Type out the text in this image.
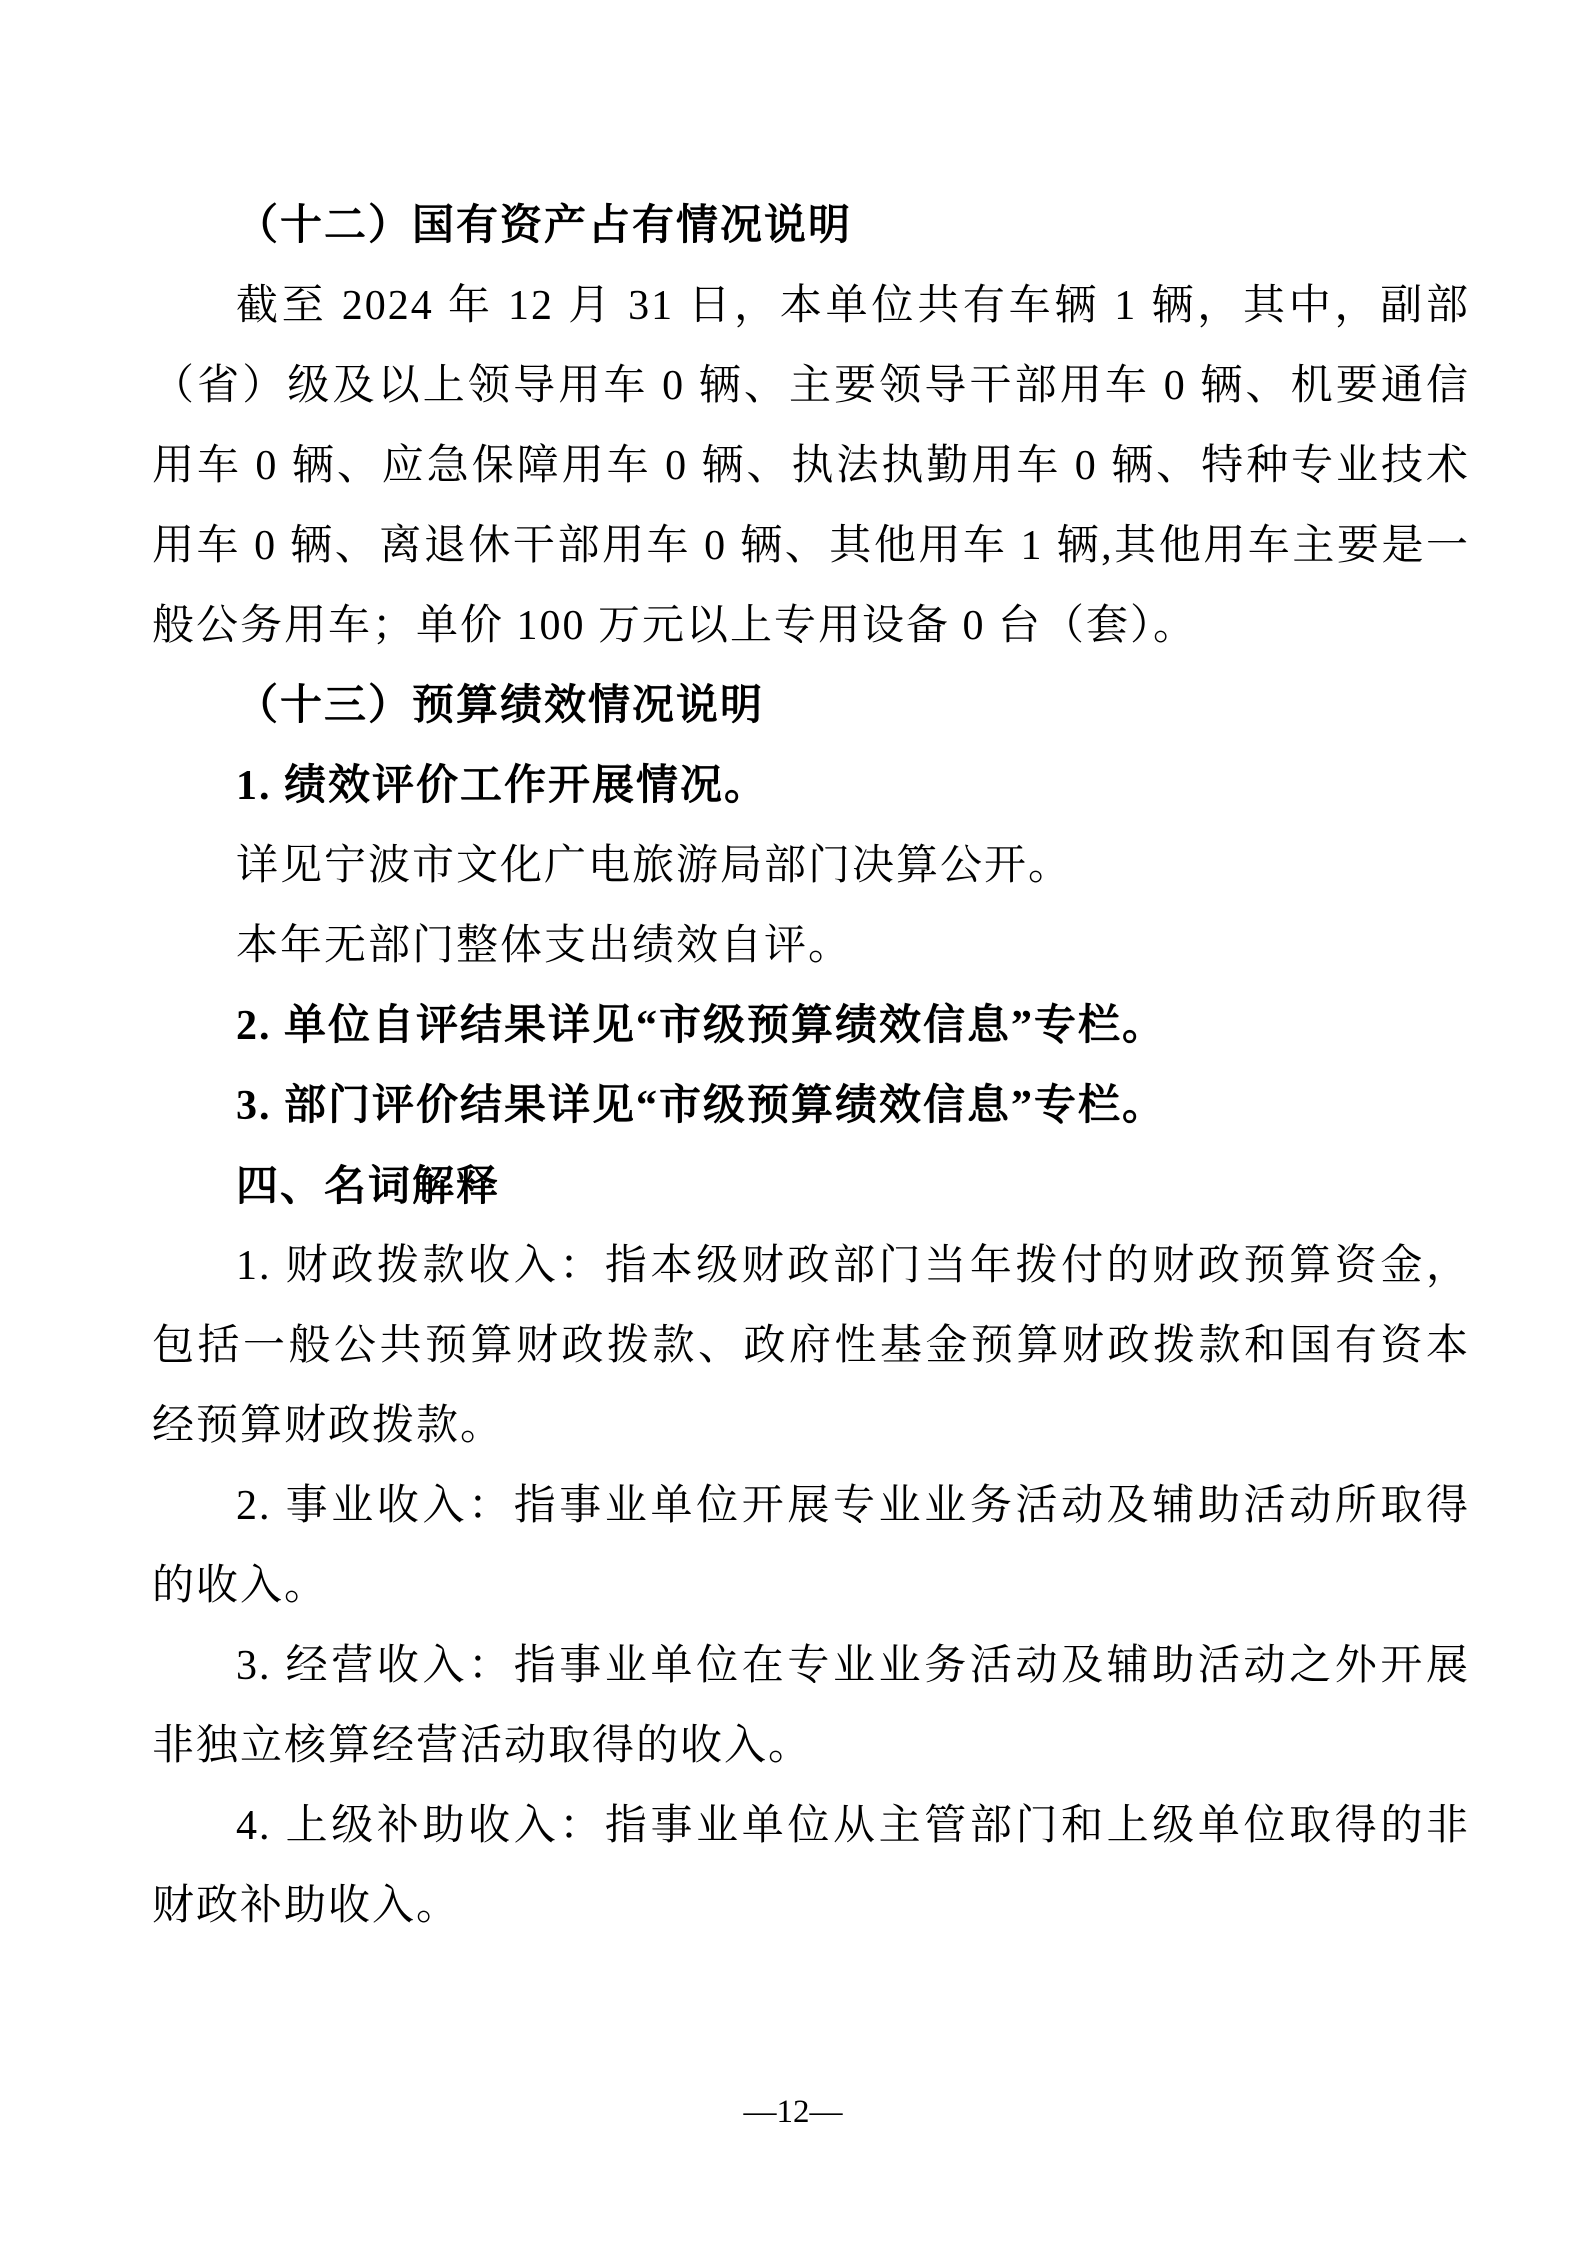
（十二）国有资产占有情况说明

截至 2024 年 12 月 31 日，本单位共有车辆 1 辆，其中，副部（省）级及以上领导用车 0 辆、主要领导干部用车 0 辆、机要通信用车 0 辆、应急保障用车 0 辆、执法执勤用车 0 辆、特种专业技术用车 0 辆、离退休干部用车 0 辆、其他用车 1 辆,其他用车主要是一般公务用车；单价 100 万元以上专用设备 0 台（套）。

（十三）预算绩效情况说明

1. 绩效评价工作开展情况。

详见宁波市文化广电旅游局部门决算公开。

本年无部门整体支出绩效自评。

2. 单位自评结果详见“市级预算绩效信息”专栏。

3. 部门评价结果详见“市级预算绩效信息”专栏。

四、名词解释

1. 财政拨款收入：指本级财政部门当年拨付的财政预算资金，包括一般公共预算财政拨款、政府性基金预算财政拨款和国有资本经预算财政拨款。

2. 事业收入：指事业单位开展专业业务活动及辅助活动所取得的收入。

3. 经营收入：指事业单位在专业业务活动及辅助活动之外开展非独立核算经营活动取得的收入。

4. 上级补助收入：指事业单位从主管部门和上级单位取得的非财政补助收入。

—12—
